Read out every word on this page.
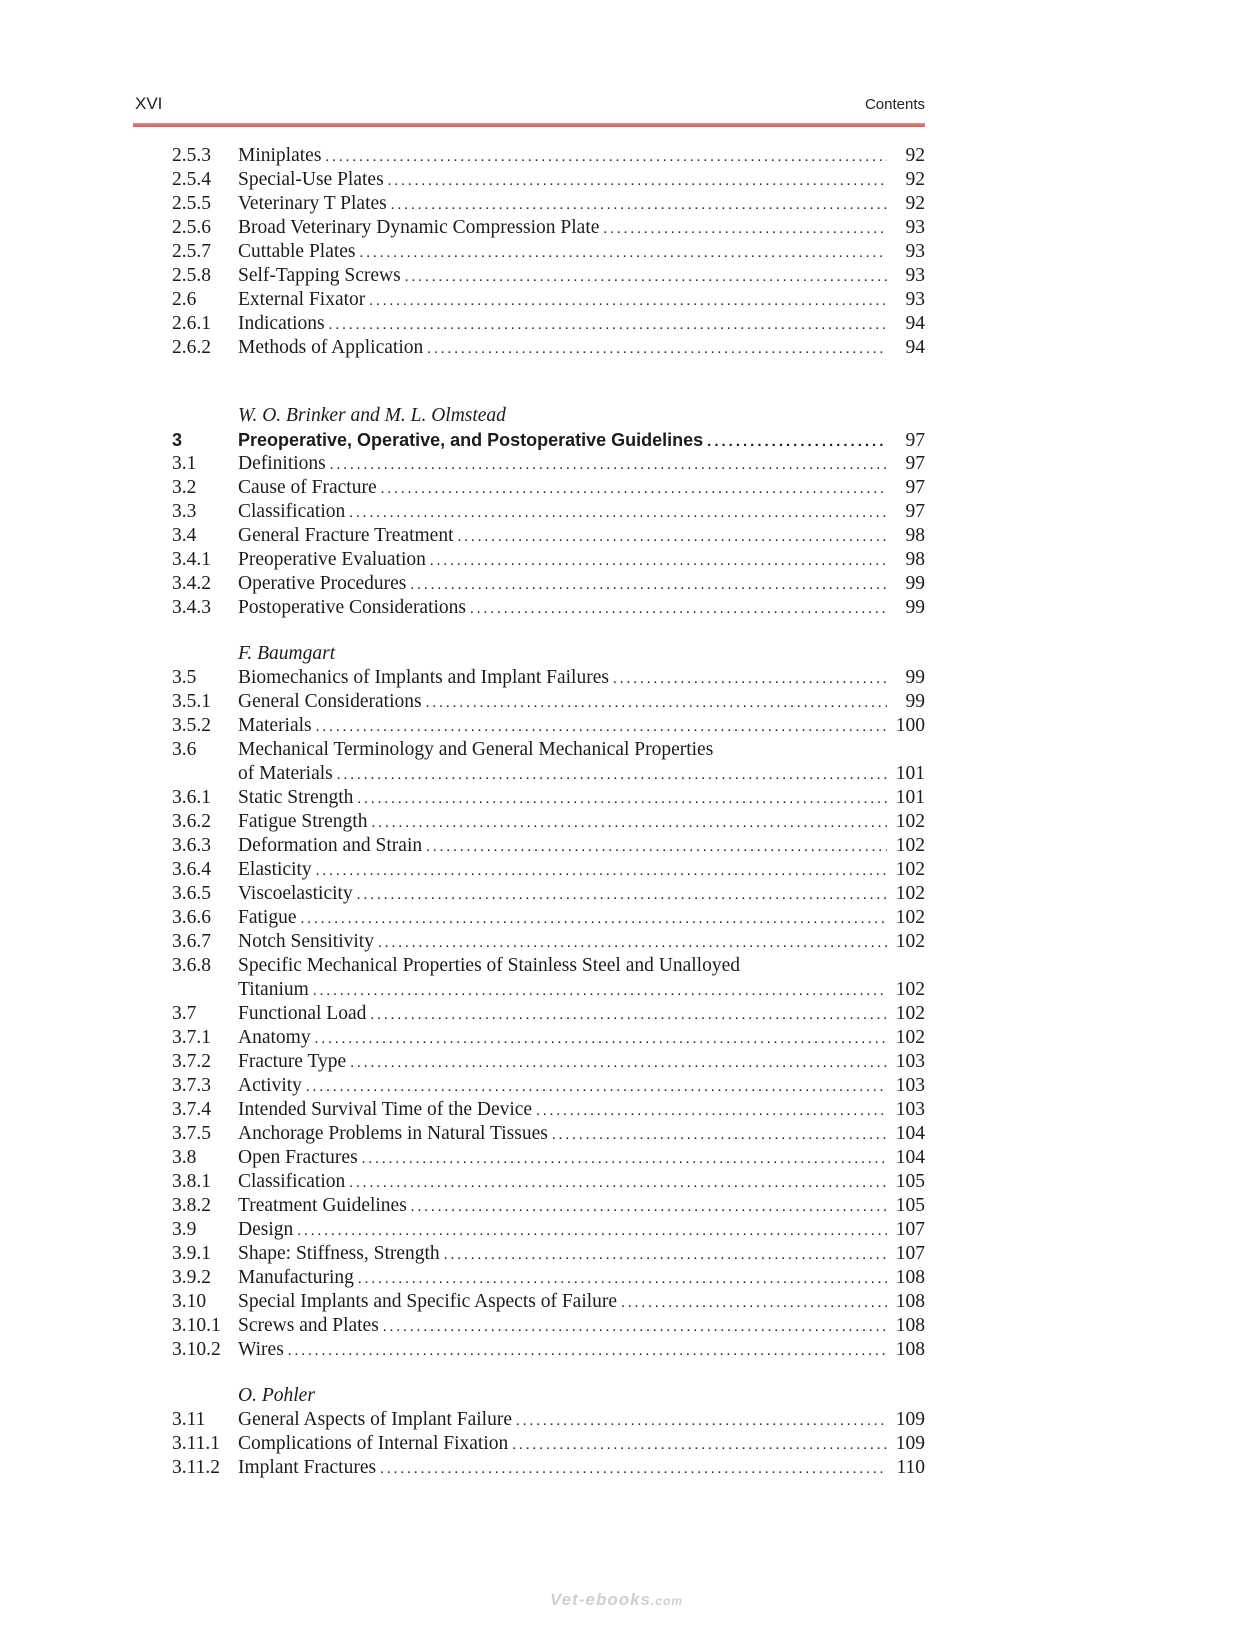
XVI	Contents
2.5.3 Miniplates .....	92
2.5.4 Special-Use Plates .....	92
2.5.5 Veterinary T Plates .....	92
2.5.6 Broad Veterinary Dynamic Compression Plate .....	93
2.5.7 Cuttable Plates .....	93
2.5.8 Self-Tapping Screws .....	93
2.6 External Fixator .....	93
2.6.1 Indications .....	94
2.6.2 Methods of Application .....	94
W. O. Brinker and M. L. Olmstead
3	Preoperative, Operative, and Postoperative Guidelines .....	97
3.1 Definitions .....	97
3.2 Cause of Fracture .....	97
3.3 Classification .....	97
3.4 General Fracture Treatment .....	98
3.4.1 Preoperative Evaluation .....	98
3.4.2 Operative Procedures .....	99
3.4.3 Postoperative Considerations .....	99
F. Baumgart
3.5 Biomechanics of Implants and Implant Failures .....	99
3.5.1 General Considerations .....	99
3.5.2 Materials .....	100
3.6 Mechanical Terminology and General Mechanical Properties
of Materials .....	101
3.6.1 Static Strength .....	101
3.6.2 Fatigue Strength .....	102
3.6.3 Deformation and Strain .....	102
3.6.4 Elasticity .....	102
3.6.5 Viscoelasticity .....	102
3.6.6 Fatigue .....	102
3.6.7 Notch Sensitivity .....	102
3.6.8 Specific Mechanical Properties of Stainless Steel and Unalloyed
Titanium .....	102
3.7 Functional Load .....	102
3.7.1 Anatomy .....	102
3.7.2 Fracture Type .....	103
3.7.3 Activity .....	103
3.7.4 Intended Survival Time of the Device .....	103
3.7.5 Anchorage Problems in Natural Tissues .....	104
3.8 Open Fractures .....	104
3.8.1 Classification .....	105
3.8.2 Treatment Guidelines .....	105
3.9 Design .....	107
3.9.1 Shape: Stiffness, Strength .....	107
3.9.2 Manufacturing .....	108
3.10 Special Implants and Specific Aspects of Failure .....	108
3.10.1 Screws and Plates .....	108
3.10.2 Wires .....	108
O. Pohler
3.11 General Aspects of Implant Failure .....	109
3.11.1 Complications of Internal Fixation .....	109
3.11.2 Implant Fractures .....	110
Vet-ebooks.com
